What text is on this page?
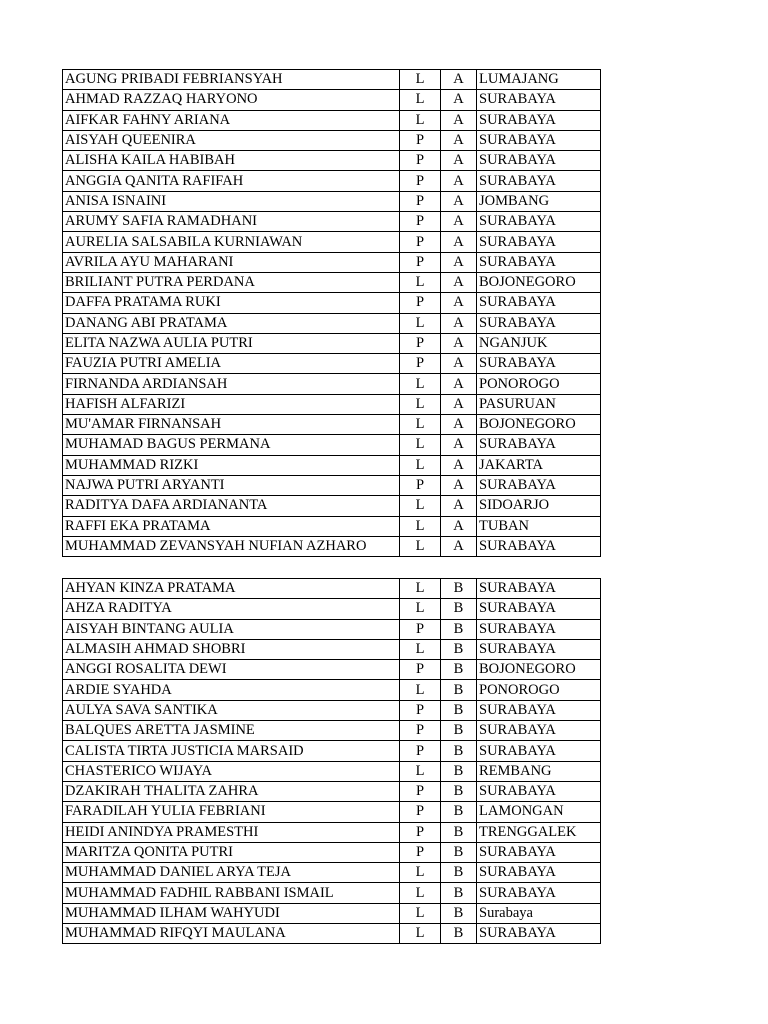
AGUNG PRIBADI FEBRIANSYAH	L	A	LUMAJANG
AHMAD RAZZAQ HARYONO	L	A	SURABAYA
AIFKAR FAHNY ARIANA	L	A	SURABAYA
AISYAH QUEENIRA	P	A	SURABAYA
ALISHA KAILA HABIBAH	P	A	SURABAYA
ANGGIA QANITA RAFIFAH	P	A	SURABAYA
ANISA ISNAINI	P	A	JOMBANG
ARUMY SAFIA RAMADHANI	P	A	SURABAYA
AURELIA SALSABILA KURNIAWAN	P	A	SURABAYA
AVRILA AYU MAHARANI	P	A	SURABAYA
BRILIANT PUTRA PERDANA	L	A	BOJONEGORO
DAFFA PRATAMA RUKI	P	A	SURABAYA
DANANG ABI PRATAMA	L	A	SURABAYA
ELITA NAZWA AULIA PUTRI	P	A	NGANJUK
FAUZIA PUTRI AMELIA	P	A	SURABAYA
FIRNANDA ARDIANSAH	L	A	PONOROGO
HAFISH ALFARIZI	L	A	PASURUAN
MU'AMAR FIRNANSAH	L	A	BOJONEGORO
MUHAMAD BAGUS PERMANA	L	A	SURABAYA
MUHAMMAD RIZKI	L	A	JAKARTA
NAJWA PUTRI ARYANTI	P	A	SURABAYA
RADITYA DAFA ARDIANANTA	L	A	SIDOARJO
RAFFI EKA PRATAMA	L	A	TUBAN
MUHAMMAD ZEVANSYAH NUFIAN AZHARO	L	A	SURABAYA
AHYAN KINZA PRATAMA	L	B	SURABAYA
AHZA RADITYA	L	B	SURABAYA
AISYAH BINTANG AULIA	P	B	SURABAYA
ALMASIH AHMAD SHOBRI	L	B	SURABAYA
ANGGI ROSALITA DEWI	P	B	BOJONEGORO
ARDIE SYAHDA	L	B	PONOROGO
AULYA SAVA SANTIKA	P	B	SURABAYA
BALQUES ARETTA JASMINE	P	B	SURABAYA
CALISTA TIRTA JUSTICIA MARSAID	P	B	SURABAYA
CHASTERICO WIJAYA	L	B	REMBANG
DZAKIRAH THALITA ZAHRA	P	B	SURABAYA
FARADILAH YULIA FEBRIANI	P	B	LAMONGAN
HEIDI ANINDYA PRAMESTHI	P	B	TRENGGALEK
MARITZA QONITA PUTRI	P	B	SURABAYA
MUHAMMAD DANIEL ARYA TEJA	L	B	SURABAYA
MUHAMMAD FADHIL RABBANI ISMAIL	L	B	SURABAYA
MUHAMMAD ILHAM WAHYUDI	L	B	Surabaya
MUHAMMAD RIFQYI MAULANA	L	B	SURABAYA
